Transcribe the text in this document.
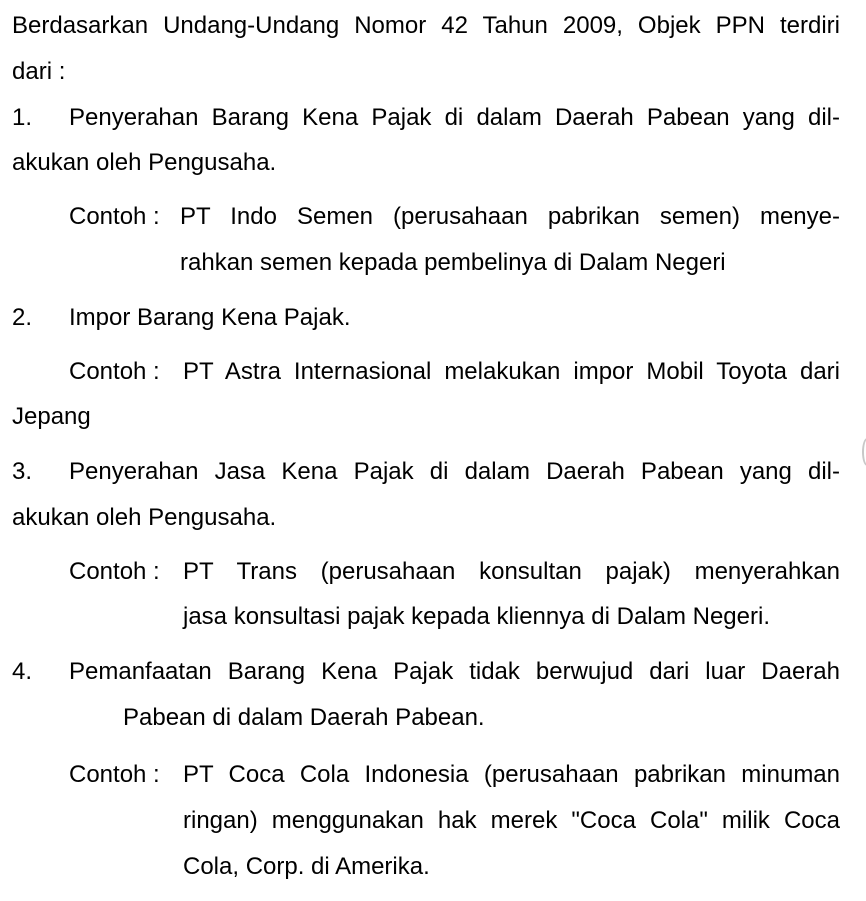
Berdasarkan Undang-Undang Nomor 42 Tahun 2009, Objek PPN terdiri
dari :
1. Penyerahan Barang Kena Pajak di dalam Daerah Pabean yang dil-
akukan oleh Pengusaha.
Contoh : PT Indo Semen (perusahaan pabrikan semen) menye-
rahkan semen kepada pembelinya di Dalam Negeri
2. Impor Barang Kena Pajak.
Contoh : PT Astra Internasional melakukan impor Mobil Toyota dari
Jepang
3. Penyerahan Jasa Kena Pajak di dalam Daerah Pabean yang dil-
akukan oleh Pengusaha.
Contoh : PT Trans (perusahaan konsultan pajak) menyerahkan
jasa konsultasi pajak kepada kliennya di Dalam Negeri.
4. Pemanfaatan Barang Kena Pajak tidak berwujud dari luar Daerah
Pabean di dalam Daerah Pabean.
Contoh : PT Coca Cola Indonesia (perusahaan pabrikan minuman
ringan) menggunakan hak merek "Coca Cola" milik Coca
Cola, Corp. di Amerika.
